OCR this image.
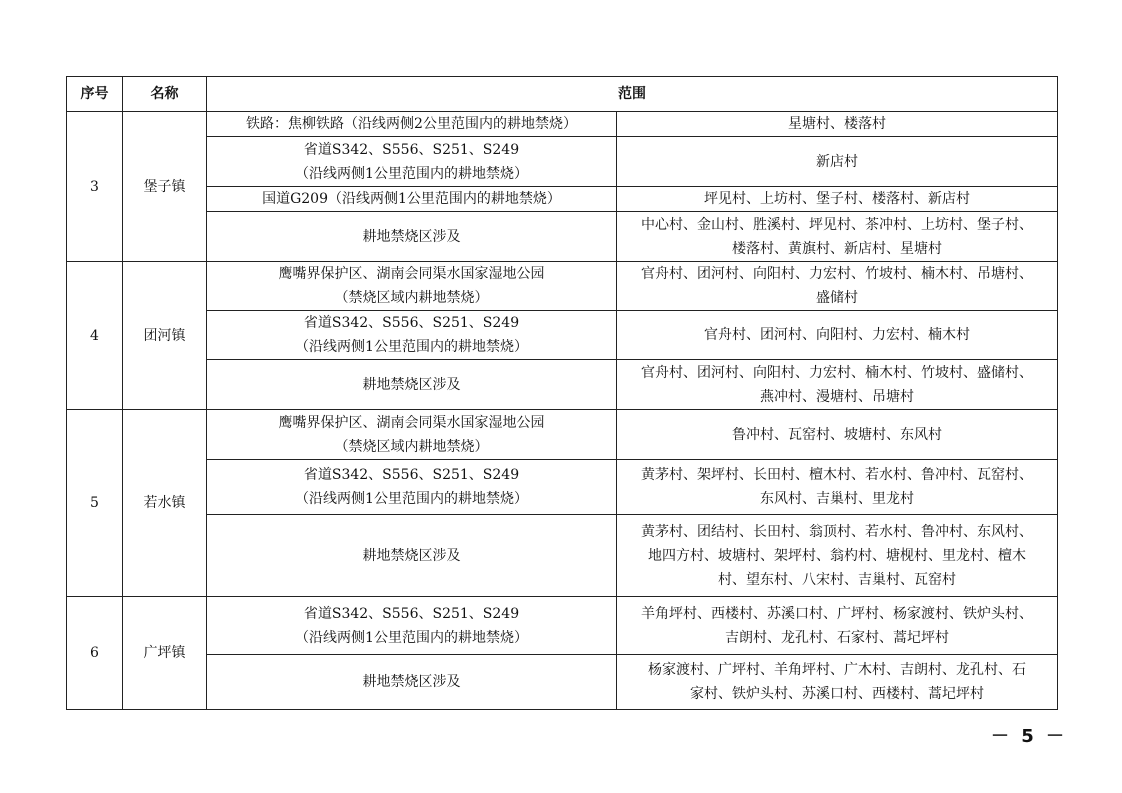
序号	名称	范围	
3	堡子镇	铁路：焦柳铁路（沿线两侧2公里范围内的耕地禁烧）	星塘村、楼落村

		省道S342、S556、S251、S249
（沿线两侧1公里范围内的耕地禁烧）	新店村

		国道G209（沿线两侧1公里范围内的耕地禁烧）	坪见村、上坊村、堡子村、楼落村、新店村

		耕地禁烧区涉及	中心村、金山村、胜溪村、坪见村、茶冲村、上坊村、堡子村、
楼落村、黄旗村、新店村、星塘村

4	团河镇	鹰嘴界保护区、湖南会同渠水国家湿地公园
（禁烧区域内耕地禁烧）	官舟村、团河村、向阳村、力宏村、竹坡村、楠木村、吊塘村、
盛储村

		省道S342、S556、S251、S249
（沿线两侧1公里范围内的耕地禁烧）	官舟村、团河村、向阳村、力宏村、楠木村

		耕地禁烧区涉及	官舟村、团河村、向阳村、力宏村、楠木村、竹坡村、盛储村、
燕冲村、漫塘村、吊塘村

5	若水镇	鹰嘴界保护区、湖南会同渠水国家湿地公园
（禁烧区域内耕地禁烧）	鲁冲村、瓦窑村、坡塘村、东风村

		省道S342、S556、S251、S249
（沿线两侧1公里范围内的耕地禁烧）	黄茅村、架坪村、长田村、檀木村、若水村、鲁冲村、瓦窑村、
东风村、吉巢村、里龙村

		耕地禁烧区涉及	黄茅村、团结村、长田村、翁顶村、若水村、鲁冲村、东风村、
地四方村、坡塘村、架坪村、翁杓村、塘枧村、里龙村、檀木
村、望东村、八宋村、吉巢村、瓦窑村

6	广坪镇	省道S342、S556、S251、S249
（沿线两侧1公里范围内的耕地禁烧）	羊角坪村、西楼村、苏溪口村、广坪村、杨家渡村、铁炉头村、
吉朗村、龙孔村、石家村、蒿圮坪村

		耕地禁烧区涉及	杨家渡村、广坪村、羊角坪村、广木村、吉朗村、龙孔村、石
家村、铁炉头村、苏溪口村、西楼村、蒿圮坪村
－ 5 －
